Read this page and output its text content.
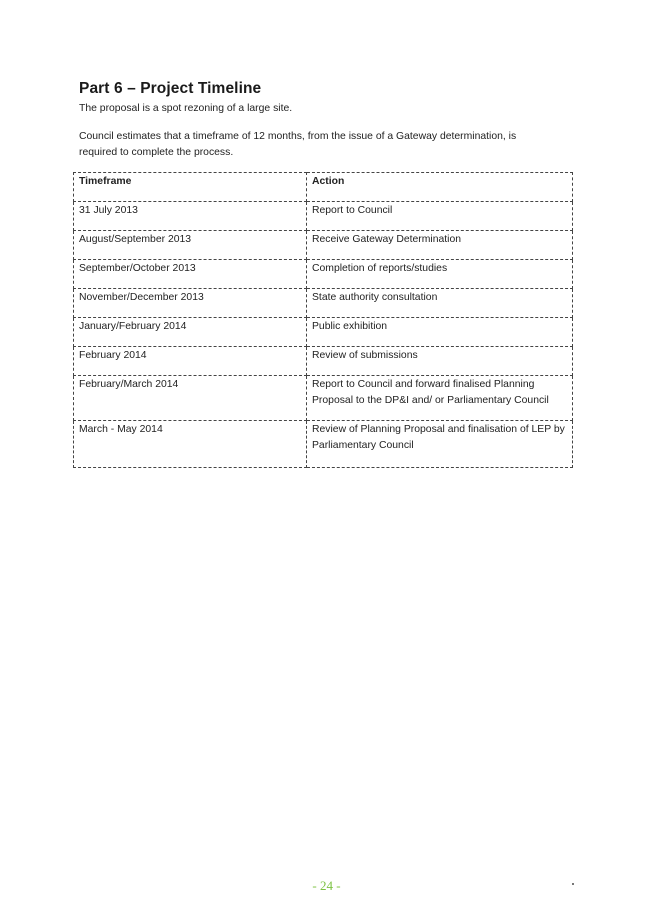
Part 6 – Project Timeline

The proposal is a spot rezoning of a large site.

Council estimates that a timeframe of 12 months, from the issue of a Gateway determination, is required to complete the process.

Timeframe	Action
31 July 2013	Report to Council
August/September 2013	Receive Gateway Determination
September/October 2013	Completion of reports/studies
November/December 2013	State authority consultation
January/February 2014	Public exhibition
February 2014	Review of submissions
February/March 2014	Report to Council and forward finalised Planning Proposal to the DP&I and/ or Parliamentary Council
March - May 2014	Review of Planning Proposal and finalisation of LEP by Parliamentary Council
- 24 -
